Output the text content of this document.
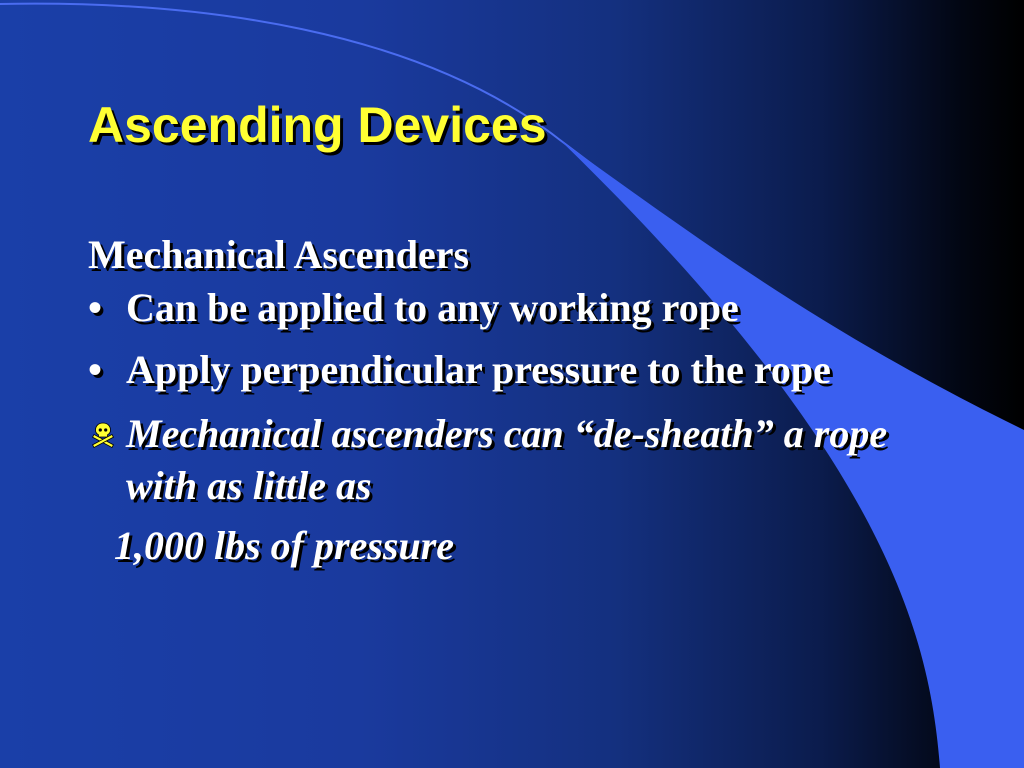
Ascending Devices
Mechanical Ascenders
• Can be applied to any working rope
• Apply perpendicular pressure to the rope
Mechanical ascenders can “de-sheath” a rope with as little as
1,000 lbs of pressure
